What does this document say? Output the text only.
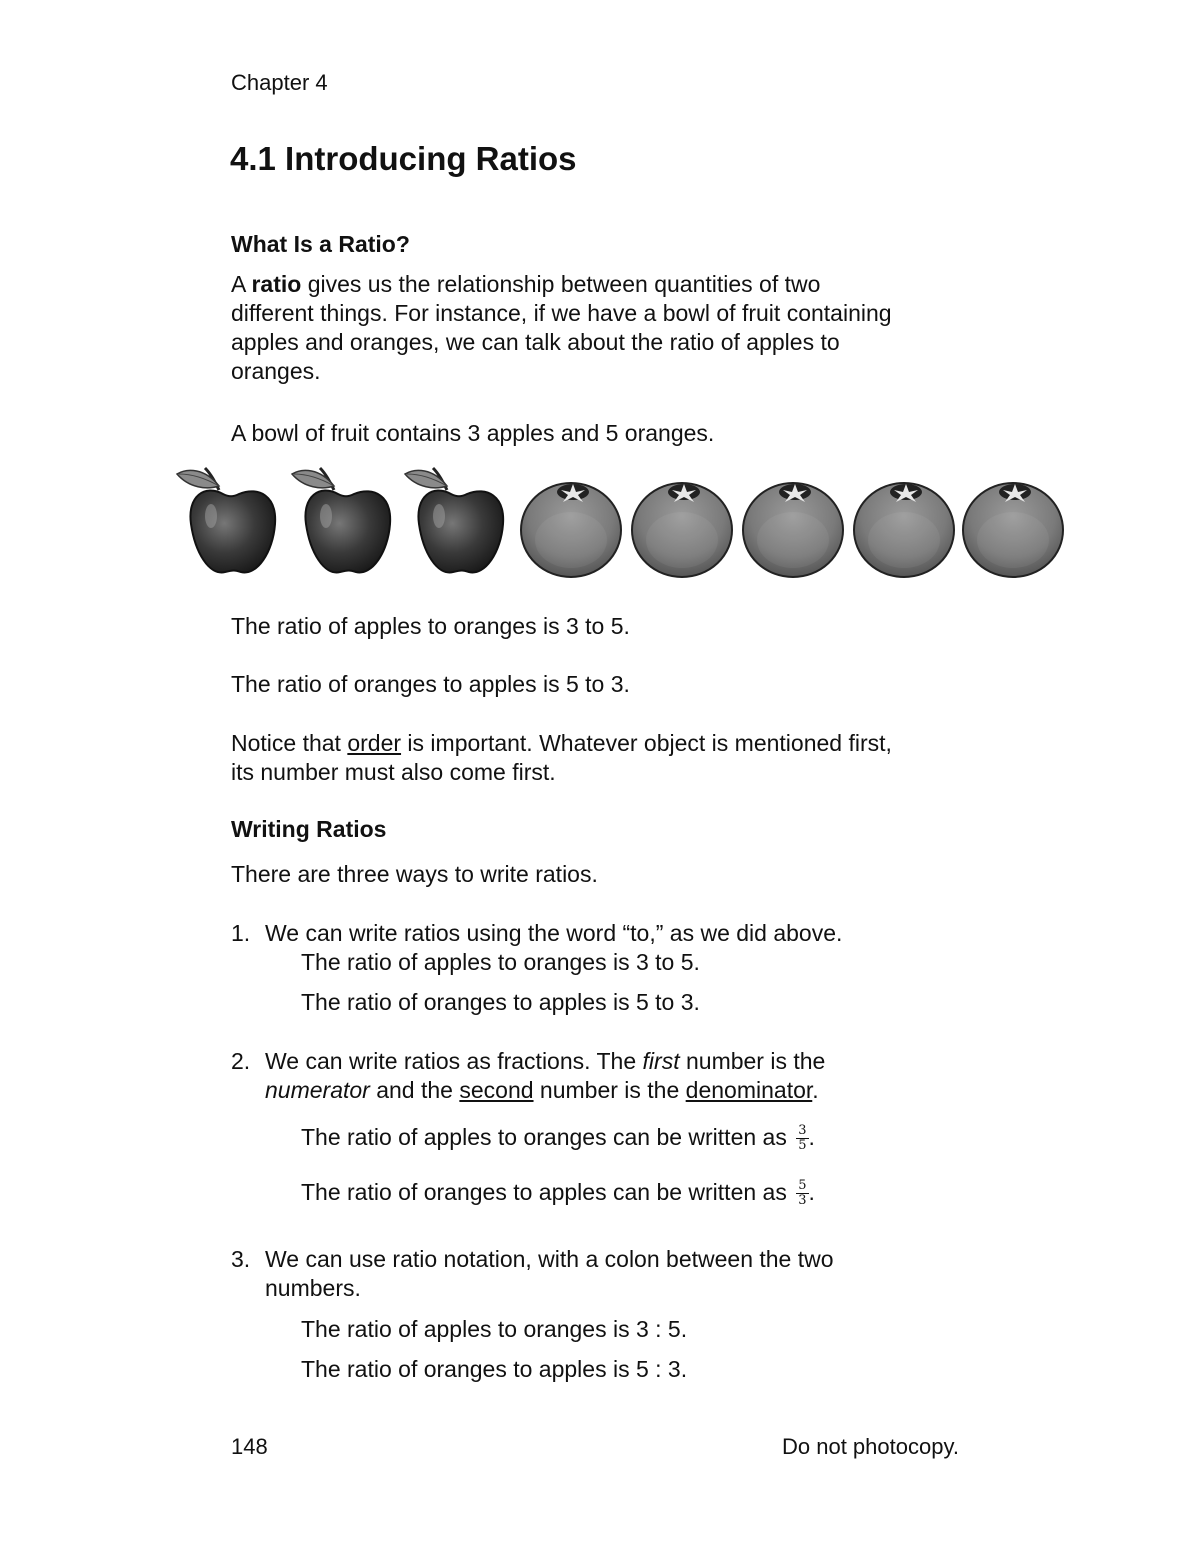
Chapter 4
4.1 Introducing Ratios
What Is a Ratio?

A ratio gives us the relationship between quantities of two

different things. For instance, if we have a bowl of fruit containing

apples and oranges, we can talk about the ratio of apples to

oranges.

A bowl of fruit contains 3 apples and 5 oranges.
The ratio of apples to oranges is 3 to 5.
The ratio of oranges to apples is 5 to 3.
Notice that order is important. Whatever object is mentioned first,
its number must also come first.
Writing Ratios
There are three ways to write ratios.
1. We can write ratios using the word “to,” as we did above.
The ratio of apples to oranges is 3 to 5.
The ratio of oranges to apples is 5 to 3.
2. We can write ratios as fractions. The first number is the
numerator and the second number is the denominator.
The ratio of apples to oranges can be written as $\frac{3}{5}$ .
The ratio of oranges to apples can be written as $\frac{5}{3}$ .
3. We can use ratio notation, with a colon between the two
numbers.
The ratio of apples to oranges is 3 : 5.
The ratio of oranges to apples is 5 : 3.
148	Do not photocopy.
